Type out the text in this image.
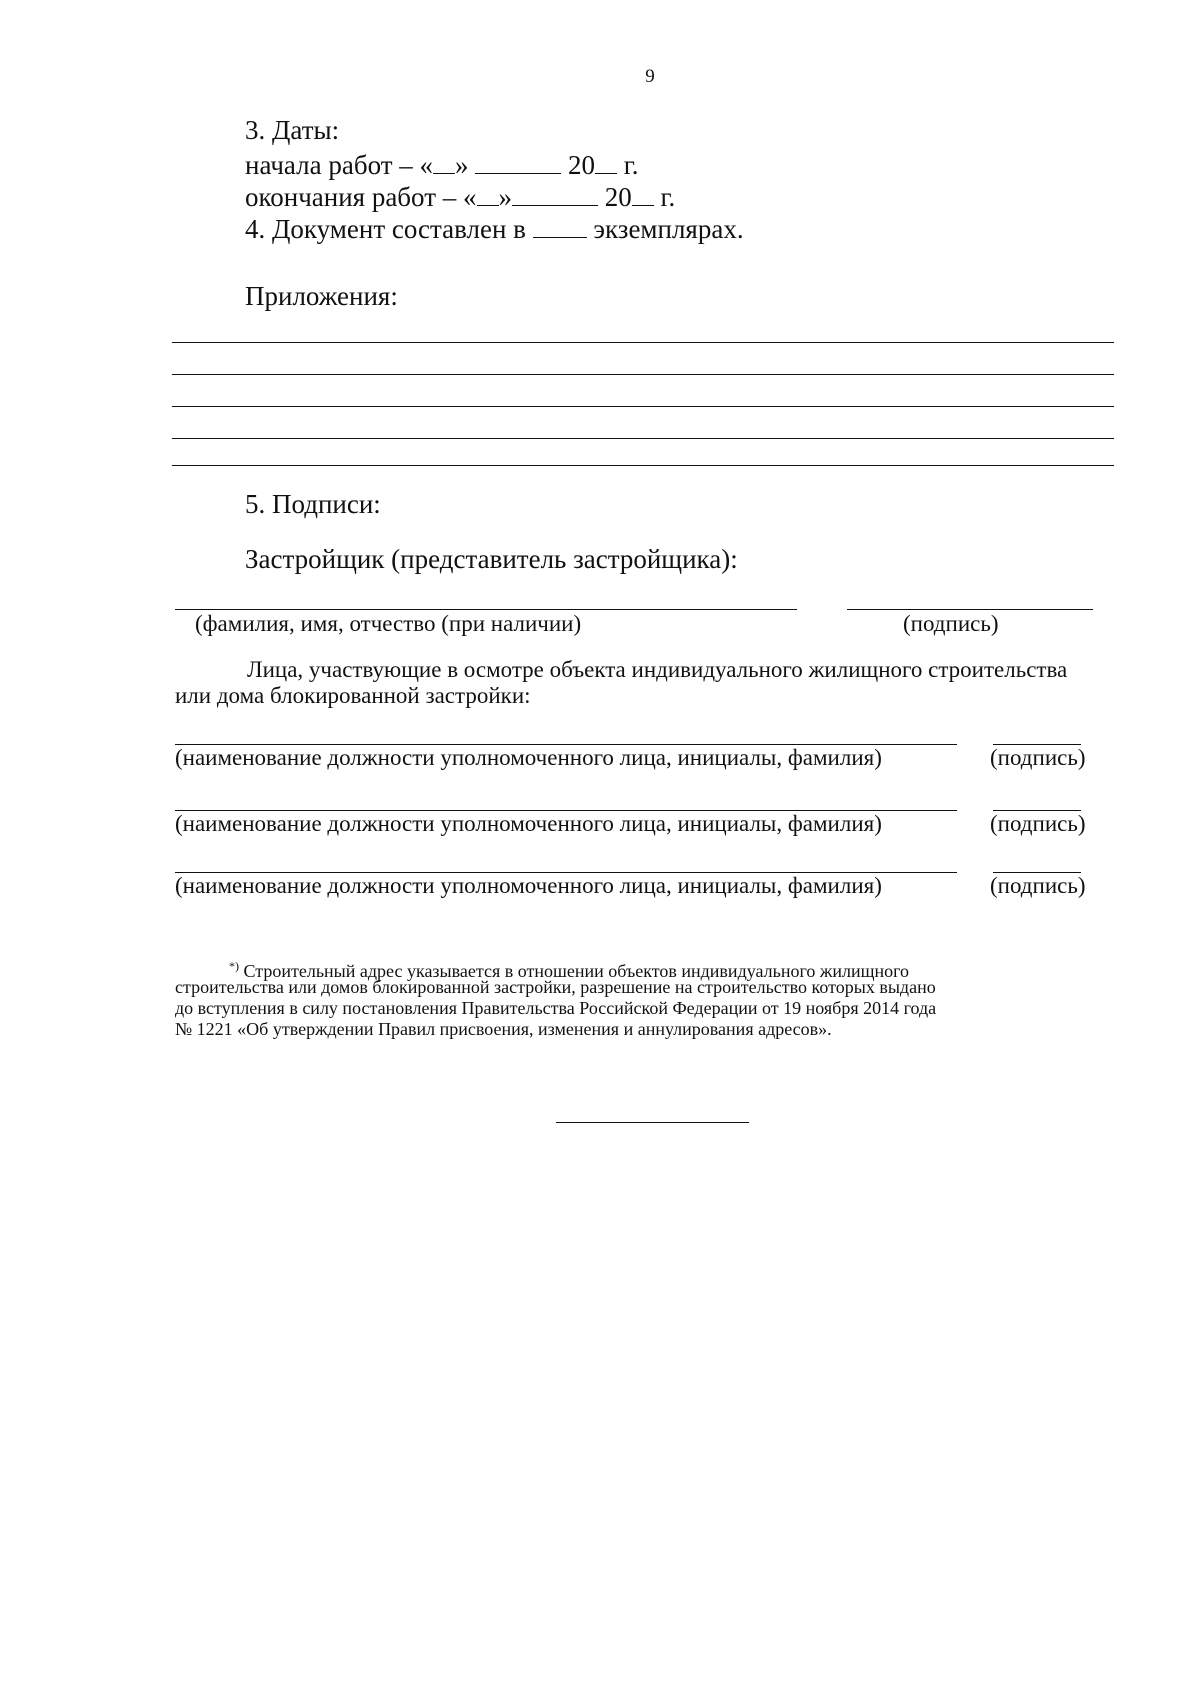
9
3. Даты:
начала работ – « »	20 г.
окончания работ – « »	20 г.
4. Документ составлен в	экземплярах.
Приложения:
5. Подписи:
Застройщик (представитель застройщика):
(фамилия, имя, отчество (при наличии)	(подпись)
Лица, участвующие в осмотре объекта индивидуального жилищного строительства
или дома блокированной застройки:
(наименование должности уполномоченного лица, инициалы, фамилия)	(подпись)
(наименование должности уполномоченного лица, инициалы, фамилия)	(подпись)
(наименование должности уполномоченного лица, инициалы, фамилия)	(подпись)
*) Строительный адрес указывается в отношении объектов индивидуального жилищного
строительства или домов блокированной застройки, разрешение на строительство которых выдано
до вступления в силу постановления Правительства Российской Федерации от 19 ноября 2014 года
№ 1221 «Об утверждении Правил присвоения, изменения и аннулирования адресов».
